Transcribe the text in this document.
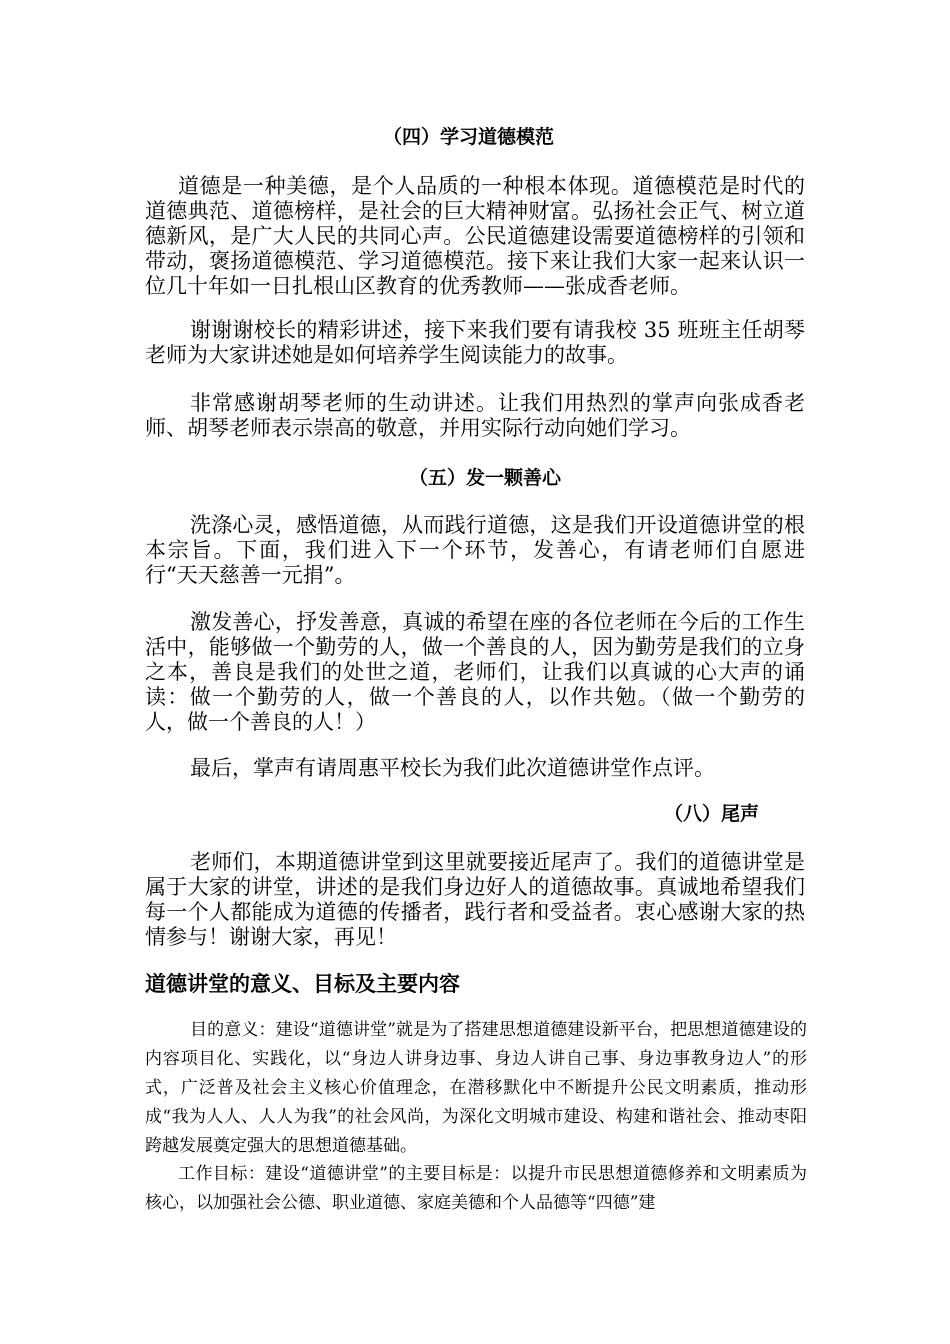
（四）学习道德模范
道德是一种美德，是个人品质的一种根本体现。道德模范是时代的道德典范、道德榜样，是社会的巨大精神财富。弘扬社会正气、树立道德新风，是广大人民的共同心声。公民道德建设需要道德榜样的引领和带动，褒扬道德模范、学习道德模范。接下来让我们大家一起来认识一位几十年如一日扎根山区教育的优秀教师——张成香老师。
谢谢谢校长的精彩讲述，接下来我们要有请我校 35 班班主任胡琴老师为大家讲述她是如何培养学生阅读能力的故事。
非常感谢胡琴老师的生动讲述。让我们用热烈的掌声向张成香老师、胡琴老师表示崇高的敬意，并用实际行动向她们学习。
（五）发一颗善心
洗涤心灵，感悟道德，从而践行道德，这是我们开设道德讲堂的根本宗旨。下面，我们进入下一个环节，发善心，有请老师们自愿进行“天天慈善一元捐”。
激发善心，抒发善意，真诚的希望在座的各位老师在今后的工作生活中，能够做一个勤劳的人，做一个善良的人，因为勤劳是我们的立身之本，善良是我们的处世之道，老师们，让我们以真诚的心大声的诵读：做一个勤劳的人，做一个善良的人，以作共勉。（做一个勤劳的人，做一个善良的人！）
最后，掌声有请周惠平校长为我们此次道德讲堂作点评。
（八）尾声
老师们，本期道德讲堂到这里就要接近尾声了。我们的道德讲堂是属于大家的讲堂，讲述的是我们身边好人的道德故事。真诚地希望我们每一个人都能成为道德的传播者，践行者和受益者。衷心感谢大家的热情参与！谢谢大家，再见！
道德讲堂的意义、目标及主要内容
目的意义：建设“道德讲堂”就是为了搭建思想道德建设新平台，把思想道德建设的内容项目化、实践化，以“身边人讲身边事、身边人讲自己事、身边事教身边人”的形式，广泛普及社会主义核心价值理念，在潜移默化中不断提升公民文明素质，推动形成“我为人人、人人为我”的社会风尚，为深化文明城市建设、构建和谐社会、推动枣阳跨越发展奠定强大的思想道德基础。
工作目标：建设“道德讲堂”的主要目标是：以提升市民思想道德修养和文明素质为核心，以加强社会公德、职业道德、家庭美德和个人品德等“四德”建
